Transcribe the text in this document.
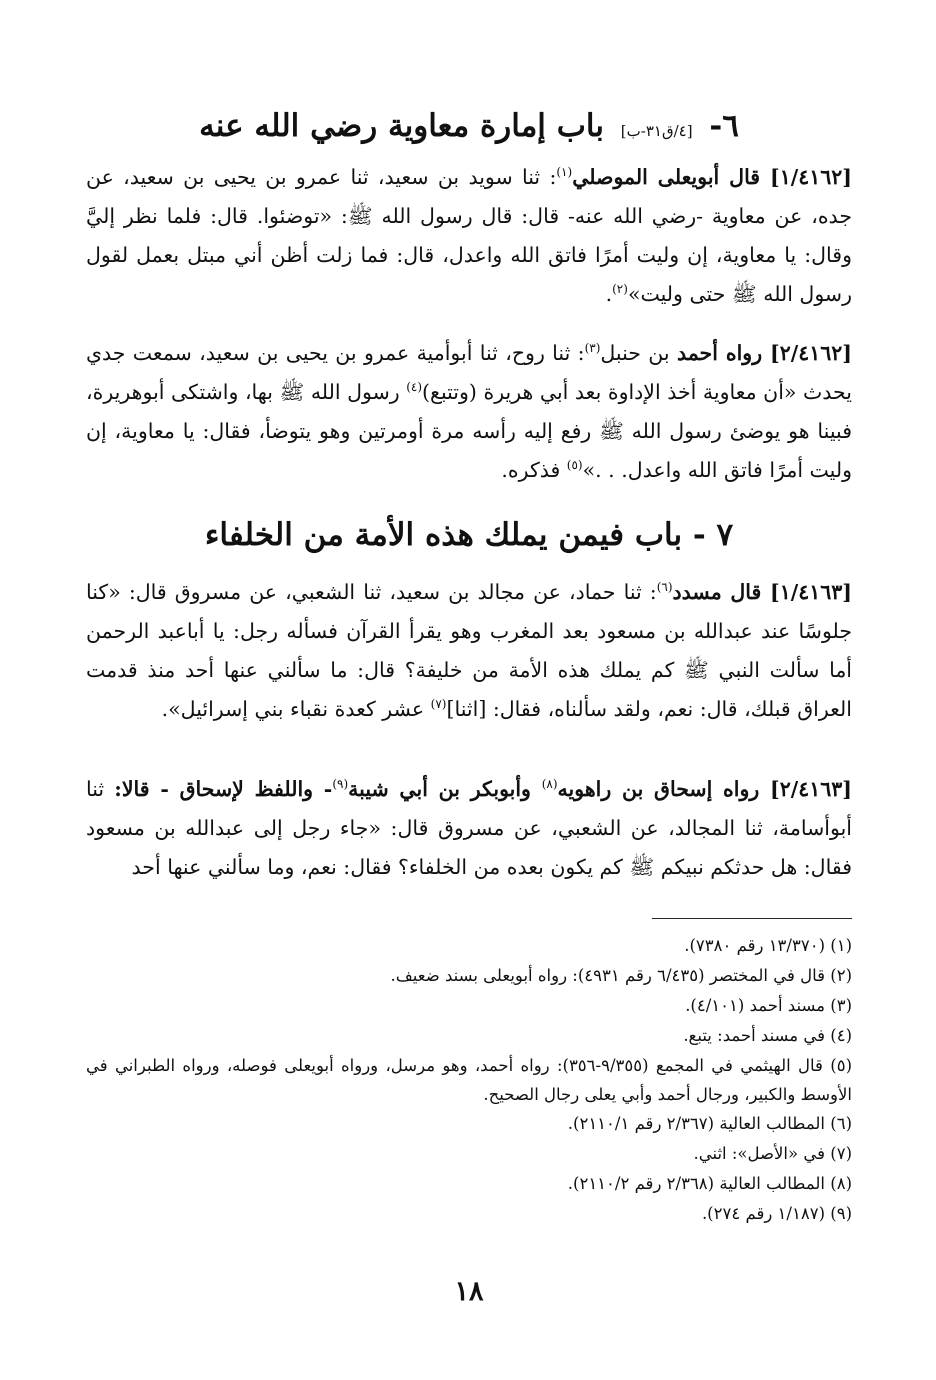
٦- [٤/ق٣١-ب] باب إمارة معاوية رضي الله عنه
[١/٤١٦٢] قال أبويعلى الموصلي$^{(١)}$: ثنا سويد بن سعيد، ثنا عمرو بن يحيى بن سعيد، عن جده، عن معاوية -رضي الله عنه- قال: قال رسول الله ﷺ: «توضئوا. قال: فلما نظر إليَّ وقال: يا معاوية، إن وليت أمرًا فاتق الله واعدل، قال: فما زلت أظن أني مبتل بعمل لقول رسول الله ﷺ حتى وليت»$^{(٢)}$.
[٢/٤١٦٢] رواه أحمد بن حنبل$^{(٣)}$: ثنا روح، ثنا أبوأمية عمرو بن يحيى بن سعيد، سمعت جدي يحدث «أن معاوية أخذ الإداوة بعد أبي هريرة (وتتبع)$^{(٤)}$ رسول الله ﷺ بها، واشتكى أبوهريرة، فبينا هو يوضئ رسول الله ﷺ رفع إليه رأسه مرة أومرتين وهو يتوضأ، فقال: يا معاوية، إن وليت أمرًا فاتق الله واعدل. . .»$^{(٥)}$ فذكره.
٧ - باب فيمن يملك هذه الأمة من الخلفاء
[١/٤١٦٣] قال مسدد$^{(٦)}$: ثنا حماد، عن مجالد بن سعيد، ثنا الشعبي، عن مسروق قال: «كنا جلوسًا عند عبدالله بن مسعود بعد المغرب وهو يقرأ القرآن فسأله رجل: يا أباعبد الرحمن أما سألت النبي ﷺ كم يملك هذه الأمة من خليفة؟ قال: ما سألني عنها أحد منذ قدمت العراق قبلك، قال: نعم، ولقد سألناه، فقال: [اثنا]$^{(٧)}$ عشر كعدة نقباء بني إسرائيل».
[٢/٤١٦٣] رواه إسحاق بن راهويه$^{(٨)}$ وأبوبكر بن أبي شيبة$^{(٩)}$- واللفظ لإسحاق - قالا: ثنا أبوأسامة، ثنا المجالد، عن الشعبي، عن مسروق قال: «جاء رجل إلى عبدالله بن مسعود فقال: هل حدثكم نبيكم ﷺ كم يكون بعده من الخلفاء؟ فقال: نعم، وما سألني عنها أحد
(١) (١٣/٣٧٠ رقم ٧٣٨٠).
(٢) قال في المختصر (٦/٤٣٥ رقم ٤٩٣١): رواه أبويعلى بسند ضعيف.
(٣) مسند أحمد (٤/١٠١).
(٤) في مسند أحمد: يتبع.
(٥) قال الهيثمي في المجمع (٩/٣٥٥-٣٥٦): رواه أحمد، وهو مرسل، ورواه أبويعلى فوصله، ورواه الطبراني في الأوسط والكبير، ورجال أحمد وأبي يعلى رجال الصحيح.
(٦) المطالب العالية (٢/٣٦٧ رقم ٢١١٠/١).
(٧) في «الأصل»: اثني.
(٨) المطالب العالية (٢/٣٦٨ رقم ٢١١٠/٢).
(٩) (١/١٨٧ رقم ٢٧٤).
١٨
